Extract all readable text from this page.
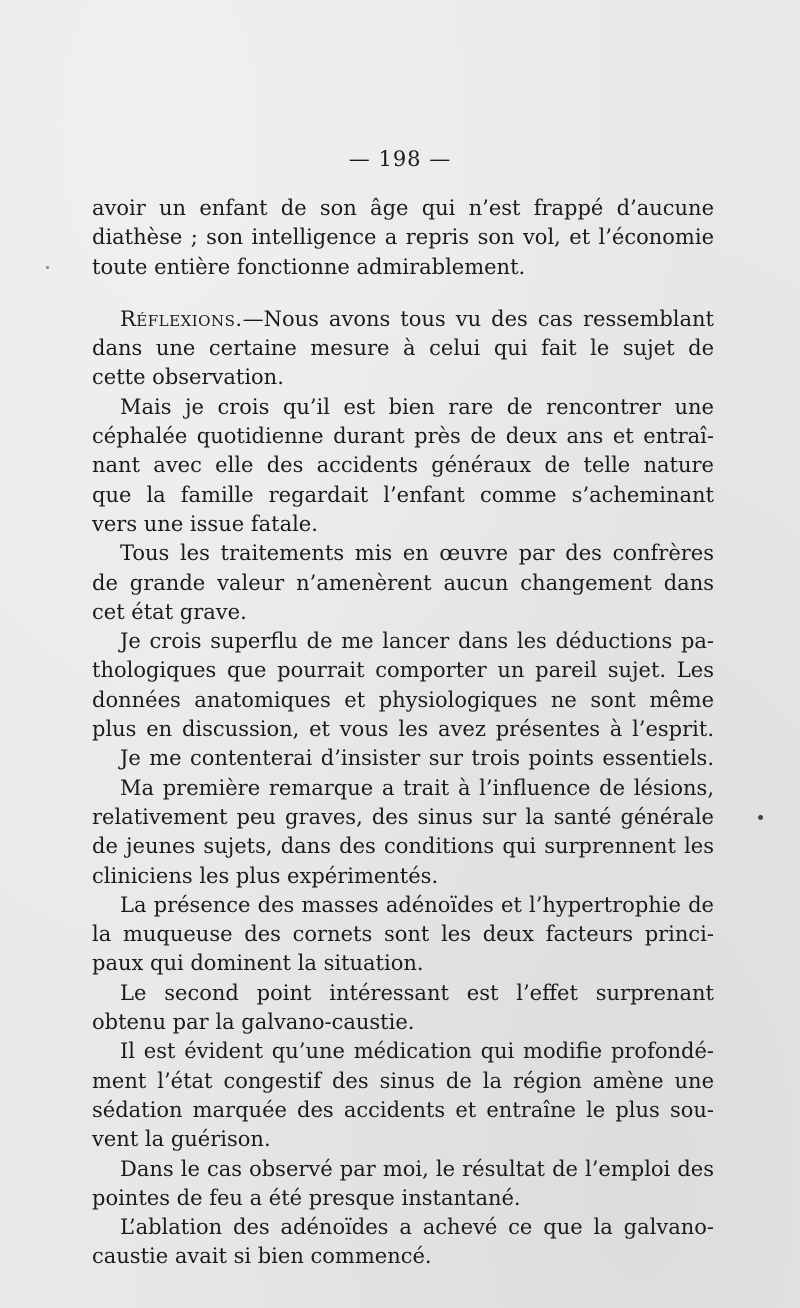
— 198 —
avoir un enfant de son âge qui n’est frappé d’aucune
diathèse ; son intelligence a repris son vol, et l’économie
toute entière fonctionne admirablement.
Réflexions.—Nous avons tous vu des cas ressemblant
dans une certaine mesure à celui qui fait le sujet de
cette observation.
Mais je crois qu’il est bien rare de rencontrer une
céphalée quotidienne durant près de deux ans et entraî-
nant avec elle des accidents généraux de telle nature
que la famille regardait l’enfant comme s’acheminant
vers une issue fatale.
Tous les traitements mis en œuvre par des confrères
de grande valeur n’amenèrent aucun changement dans
cet état grave.
Je crois superflu de me lancer dans les déductions pa-
thologiques que pourrait comporter un pareil sujet. Les
données anatomiques et physiologiques ne sont même
plus en discussion, et vous les avez présentes à l’esprit.
Je me contenterai d’insister sur trois points essentiels.
Ma première remarque a trait à l’influence de lésions,
relativement peu graves, des sinus sur la santé générale
de jeunes sujets, dans des conditions qui surprennent les
cliniciens les plus expérimentés.
La présence des masses adénoïdes et l’hypertrophie de
la muqueuse des cornets sont les deux facteurs princi-
paux qui dominent la situation.
Le second point intéressant est l’effet surprenant
obtenu par la galvano-caustie.
Il est évident qu’une médication qui modifie profondé-
ment l’état congestif des sinus de la région amène une
sédation marquée des accidents et entraîne le plus sou-
vent la guérison.
Dans le cas observé par moi, le résultat de l’emploi des
pointes de feu a été presque instantané.
L’ablation des adénoïdes a achevé ce que la galvano-
caustie avait si bien commencé.
